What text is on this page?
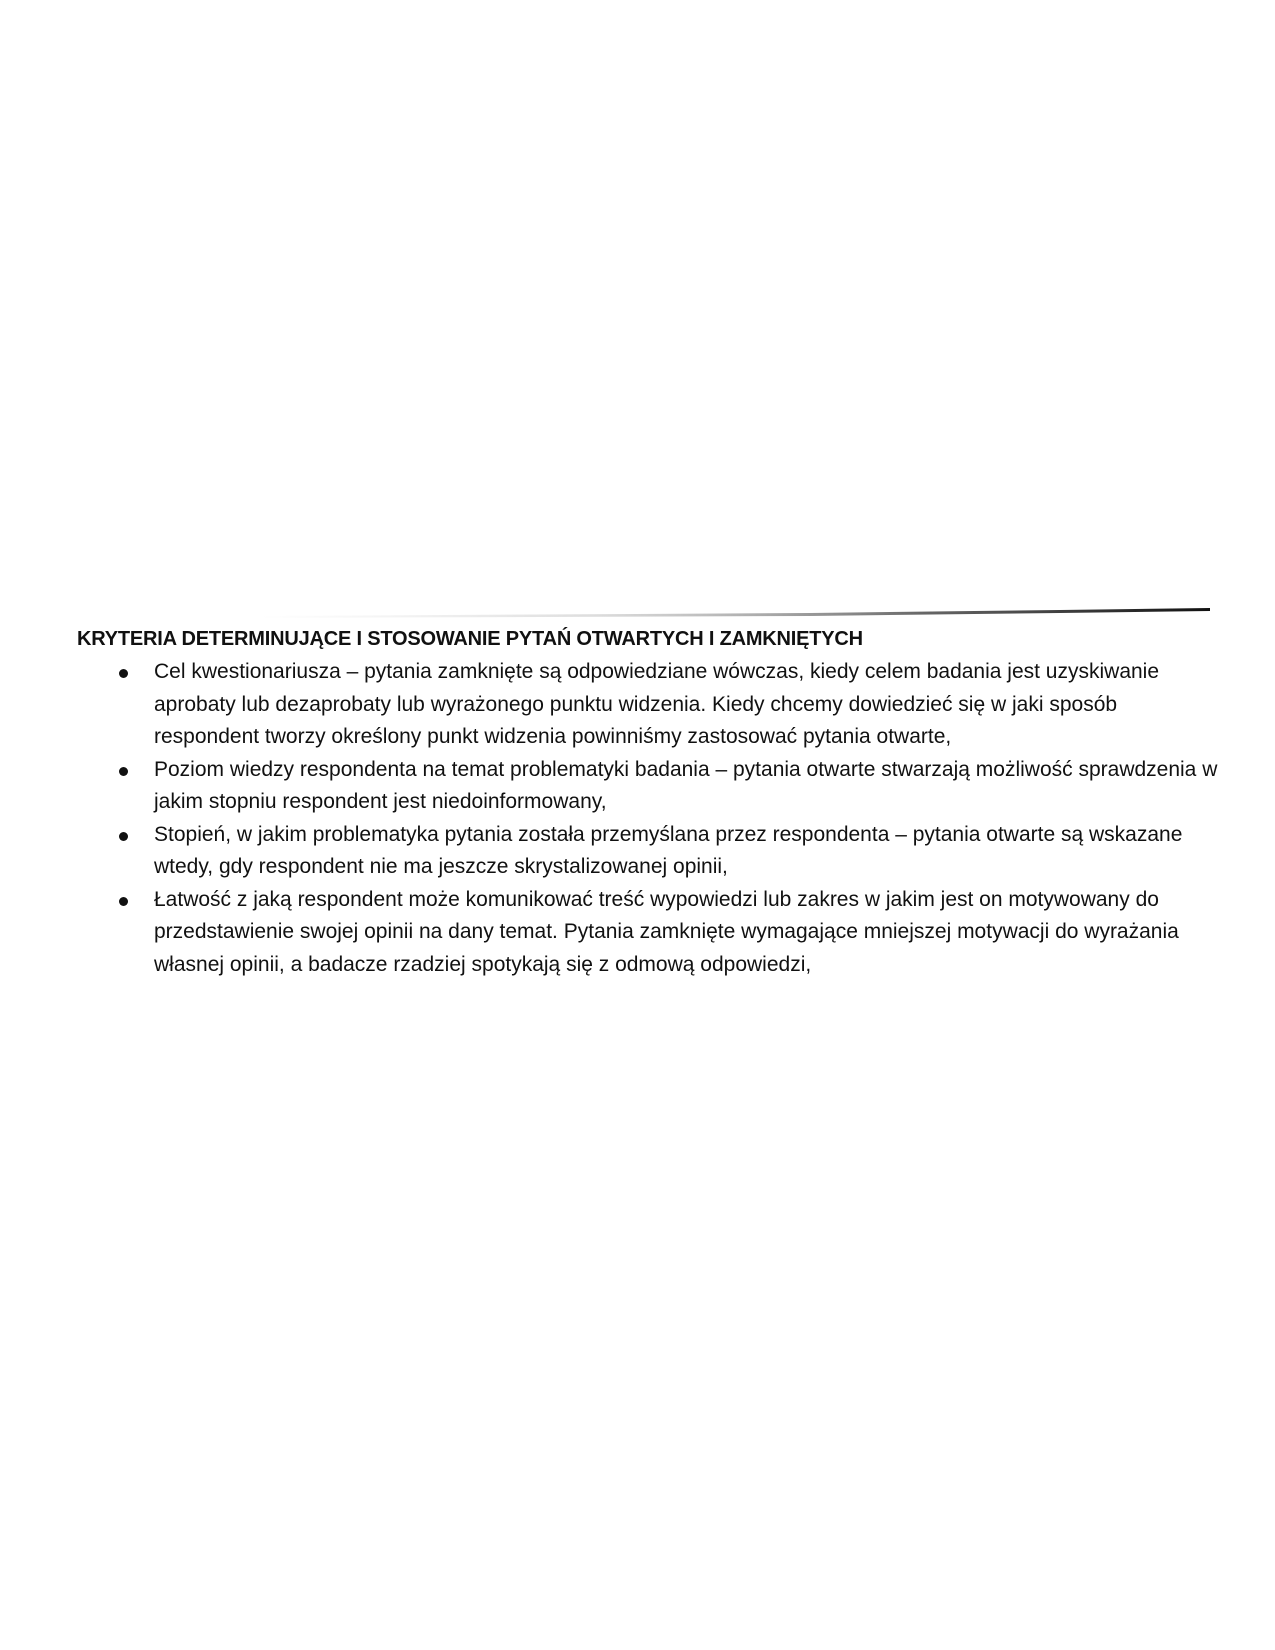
KRYTERIA DETERMINUJĄCE I STOSOWANIE PYTAŃ OTWARTYCH I ZAMKNIĘTYCH
Cel kwestionariusza – pytania zamknięte są odpowiedziane wówczas, kiedy celem badania jest uzyskiwanie aprobaty lub dezaprobaty lub wyrażonego punktu widzenia. Kiedy chcemy dowiedzieć się w jaki sposób respondent tworzy określony punkt widzenia powinniśmy zastosować pytania otwarte,
Poziom wiedzy respondenta na temat problematyki badania – pytania otwarte stwarzają możliwość sprawdzenia w jakim stopniu respondent jest niedoinformowany,
Stopień, w jakim problematyka pytania została przemyślana przez respondenta – pytania otwarte są wskazane wtedy, gdy respondent nie ma jeszcze skrystalizowanej opinii,
Łatwość z jaką respondent może komunikować treść wypowiedzi lub zakres w jakim jest on motywowany do przedstawienie swojej opinii na dany temat. Pytania zamknięte wymagające mniejszej motywacji do wyrażania własnej opinii, a badacze rzadziej spotykają się z odmową odpowiedzi,
